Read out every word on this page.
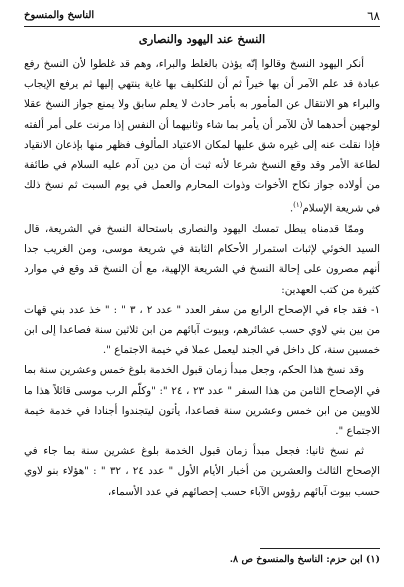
٦٨
الناسخ والمنسوخ

النسخ عند اليهود والنصارى

أنكر اليهود النسخ وقالوا إنّه يؤذن بالغلط والبراء، وهم قد غلطوا لأن النسخ رفع عبادة قد علم الآمر أن بها خيراً ثم أن للتكليف بها غاية ينتهي إليها ثم يرفع الإيجاب والبراء هو الانتقال عن المأمور به بأمر حادث لا يعلم سابق ولا يمنع جواز النسخ عقلا لوجهين أحدهما لأن للآمر أن يأمر بما شاء وثانيهما أن النفس إذا مرنت على أمر ألفته فإذا نقلت عنه إلى غيره شق عليها لمكان الاعتياد المألوف فظهر منها بإذعان الانقياد لطاعة الأمر وقد وقع النسخ شرعا لأنه ثبت أن من دين آدم عليه السلام في طائفة من أولاده جواز نكاح الأخوات وذوات المحارم والعمل في يوم السبت ثم نسخ ذلك في شريعة الإسلام$^{(١)}$.

وممّا قدمناه يبطل تمسك اليهود والنصارى باستحالة النسخ في الشريعة، قال السيد الخوئي لإثبات استمرار الأحكام الثابتة في شريعة موسى، ومن الغريب جدا أنهم مصرون على إحالة النسخ في الشريعة الإلهية، مع أن النسخ قد وقع في موارد كثيرة من كتب العهدين:

١-فقد جاء في الإصحاح الرابع من سفر العدد " عدد ٢ ، ٣ " : " خذ عدد بني قهات من بين بني لاوي حسب عشائرهم، وبيوت آبائهم من ابن ثلاثين سنة فصاعدا إلى ابن خمسين سنة، كل داخل في الجند ليعمل عملا في خيمة الاجتماع ".

وقد نسخ هذا الحكم، وجعل مبدأ زمان قبول الخدمة بلوغ خمس وعشرين سنة بما في الإصحاح الثامن من هذا السفر " عدد ٢٣ ، ٢٤ ": "وكلّم الرب موسى قائلاً هذا ما للاويين من ابن خمس وعشرين سنة فصاعدا، يأتون ليتجندوا أجنادا في خدمة خيمة الاجتماع ".

ثم نسخ ثانيا: فجعل مبدأ زمان قبول الخدمة بلوغ عشرين سنة بما جاء في الإصحاح الثالث والعشرين من أخبار الأيام الأول " عدد ٢٤ ، ٣٢ " : "هؤلاء بنو لاوي حسب بيوت آبائهم رؤوس الآباء حسب إحصائهم في عدد الأسماء،

(١) ابن حزم: الناسخ والمنسوخ ص ٨.
